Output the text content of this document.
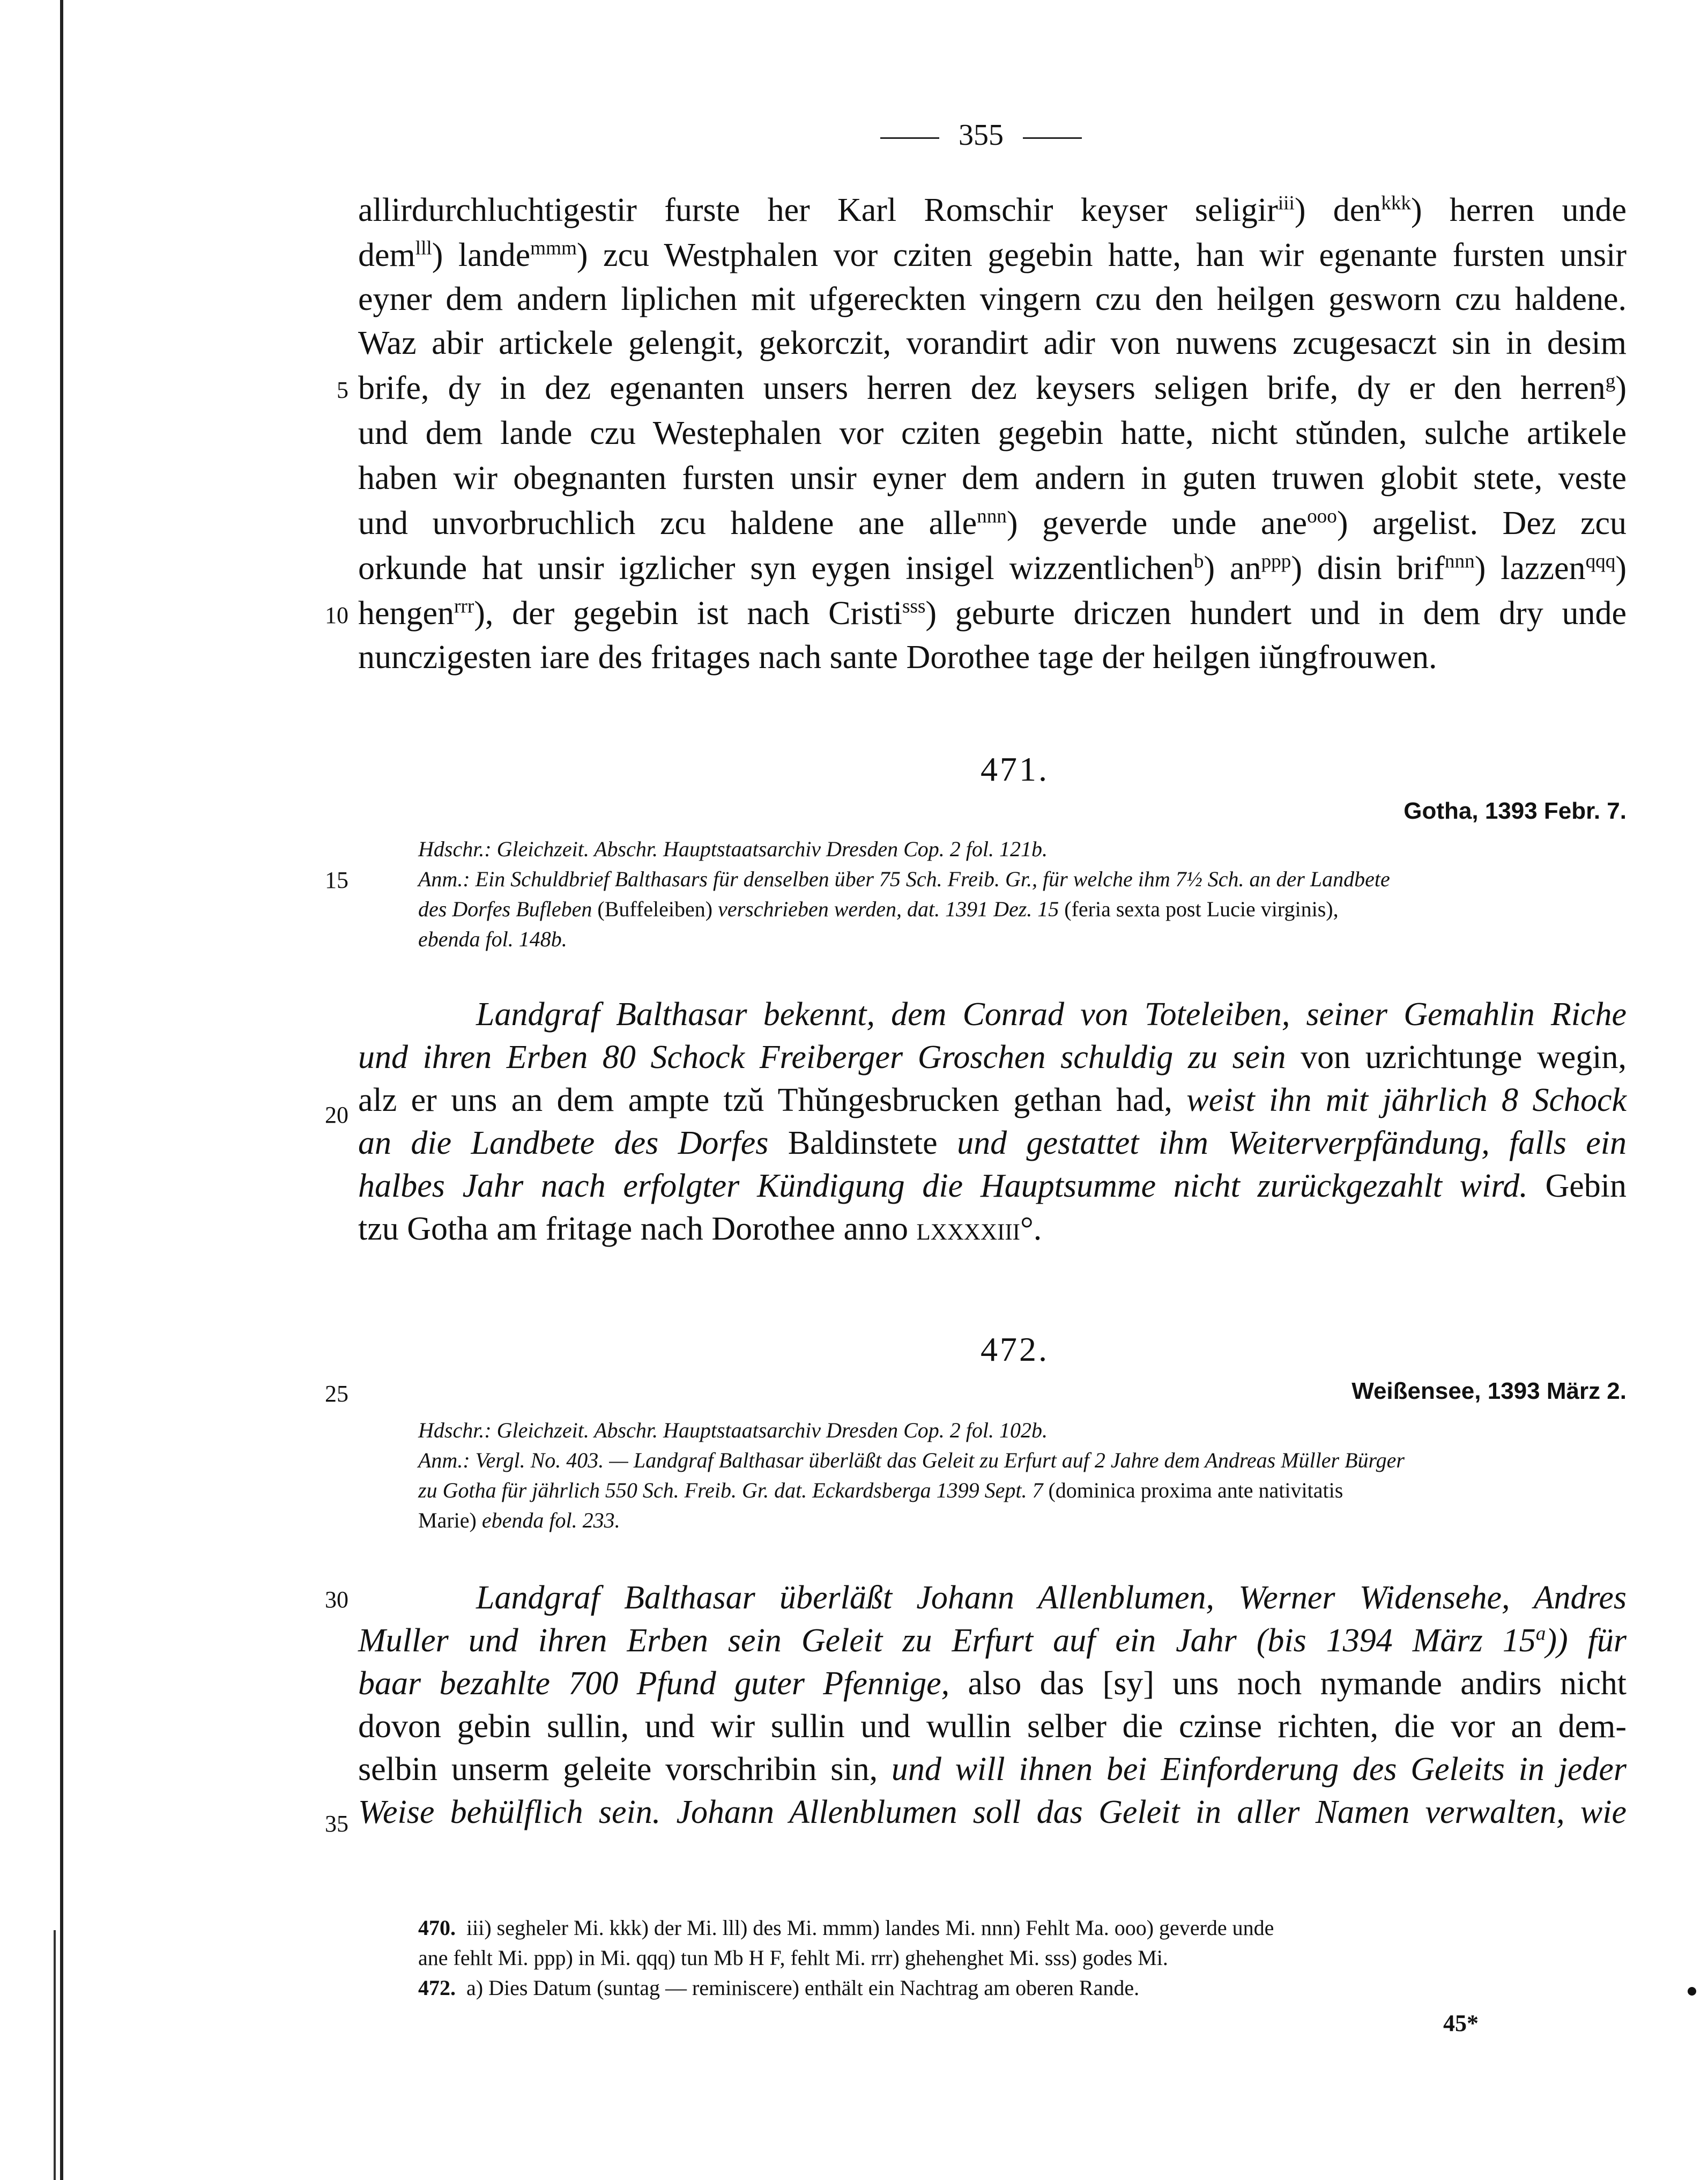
355
allirdurchluchtigestir furste her Karl Romschir keyser seligir$^{iii}$) den$^{kkk}$) herren unde
dem$^{lll}$) lande$^{mmm}$) zcu Westphalen vor cziten gegebin hatte, han wir egenante fursten unsir
eyner dem andern liplichen mit ufgereckten vingern czu den heilgen gesworn czu haldene.
Waz abir artickele gelengit, gekorczit, vorandirt adir von nuwens zcugesaczt sin in desim
5 brife, dy in dez egenanten unsers herren dez keysers seligen brife, dy er den herren$^g$)
und dem lande czu Westephalen vor cziten gegebin hatte, nicht stŭnden, sulche artikele
haben wir obegnanten fursten unsir eyner dem andern in guten truwen globit stete, veste
und unvorbruchlich zcu haldene ane alle$^{nnn}$) geverde unde ane$^{ooo}$) argelist. Dez zcu
orkunde hat unsir igzlicher syn eygen insigel wizzentlichen$^b$) $an^{ppp}$) disin brif$^{nnn}$) lazzen$^{qqq}$)
10 hengen$^{rrr}$), der gegebin ist nach Cristi$^{sss}$) geburte driczen hundert und in dem dry unde
nunczigesten iare des fritages nach sante Dorothee tage der heilgen iŭngfrouwen.
471.
Gotha, 1393 Febr. 7.
Hdschr.: Gleichzeit. Abschr. Hauptstaatsarchiv Dresden Cop. 2 fol. 121b.
Anm.: Ein Schuldbrief Balthasars für denselben über 75 Sch. Freib. Gr., für welche ihm 7½ Sch. an der Landbete
des Dorfes Bufleben (Buffeleiben) verschrieben werden, dat. 1391 Dez. 15 (feria sexta post Lucie virginis),
ebenda fol. 148b.
15

Landgraf Balthasar bekennt, dem Conrad von Toteleiben, seiner Gemahlin Riche

und ihren Erben 80 Schock Freiberger Groschen schuldig zu sein von uzrichtunge wegin,

alz er uns an dem ampte tzŭ Thŭngesbrucken gethan had, weist ihn mit jährlich 8 Schock

an die Landbete des Dorfes Baldinstete und gestattet ihm Weiterverpfändung, falls ein

halbes Jahr nach erfolgter Kündigung die Hauptsumme nicht zurückgezahlt wird. Gebin

tzu Gotha am fritage nach Dorothee anno lxxxxiii°.

20
472.
25	Weißensee, 1393 März 2.
Hdschr.: Gleichzeit. Abschr. Hauptstaatsarchiv Dresden Cop. 2 fol. 102b.
Anm.: Vergl. No. 403. — Landgraf Balthasar überläßt das Geleit zu Erfurt auf 2 Jahre dem Andreas Müller Bürger
zu Gotha für jährlich 550 Sch. Freib. Gr. dat. Eckardsberga 1399 Sept. 7 (dominica proxima ante nativitatis
Marie) ebenda fol. 233.
30	Landgraf Balthasar überläßt Johann Allenblumen, Werner Widensehe, Andres

Muller und ihren Erben sein Geleit zu Erfurt auf ein Jahr (bis 1394 März 15$^a$)) für

baar bezahlte 700 Pfund guter Pfennige, also das [sy] uns noch nymande andirs nicht

dovon gebin sullin, und wir sullin und wullin selber die czinse richten, die vor an dem-

selbin unserm geleite vorschribin sin, und will ihnen bei Einforderung des Geleits in jeder

Weise behülflich sein. Johann Allenblumen soll das Geleit in aller Namen verwalten, wie

35
470. iii) segheler Mi. kkk) der Mi. lll) des Mi. mmm) landes Mi. nnn) Fehlt Ma. ooo) geverde unde
ane fehlt Mi. ppp) in Mi. qqq) tun Mb H F, fehlt Mi. rrr) ghehenghet Mi. sss) godes Mi.
472. a) Dies Datum (suntag — reminiscere) enthält ein Nachtrag am oberen Rande.
45*
